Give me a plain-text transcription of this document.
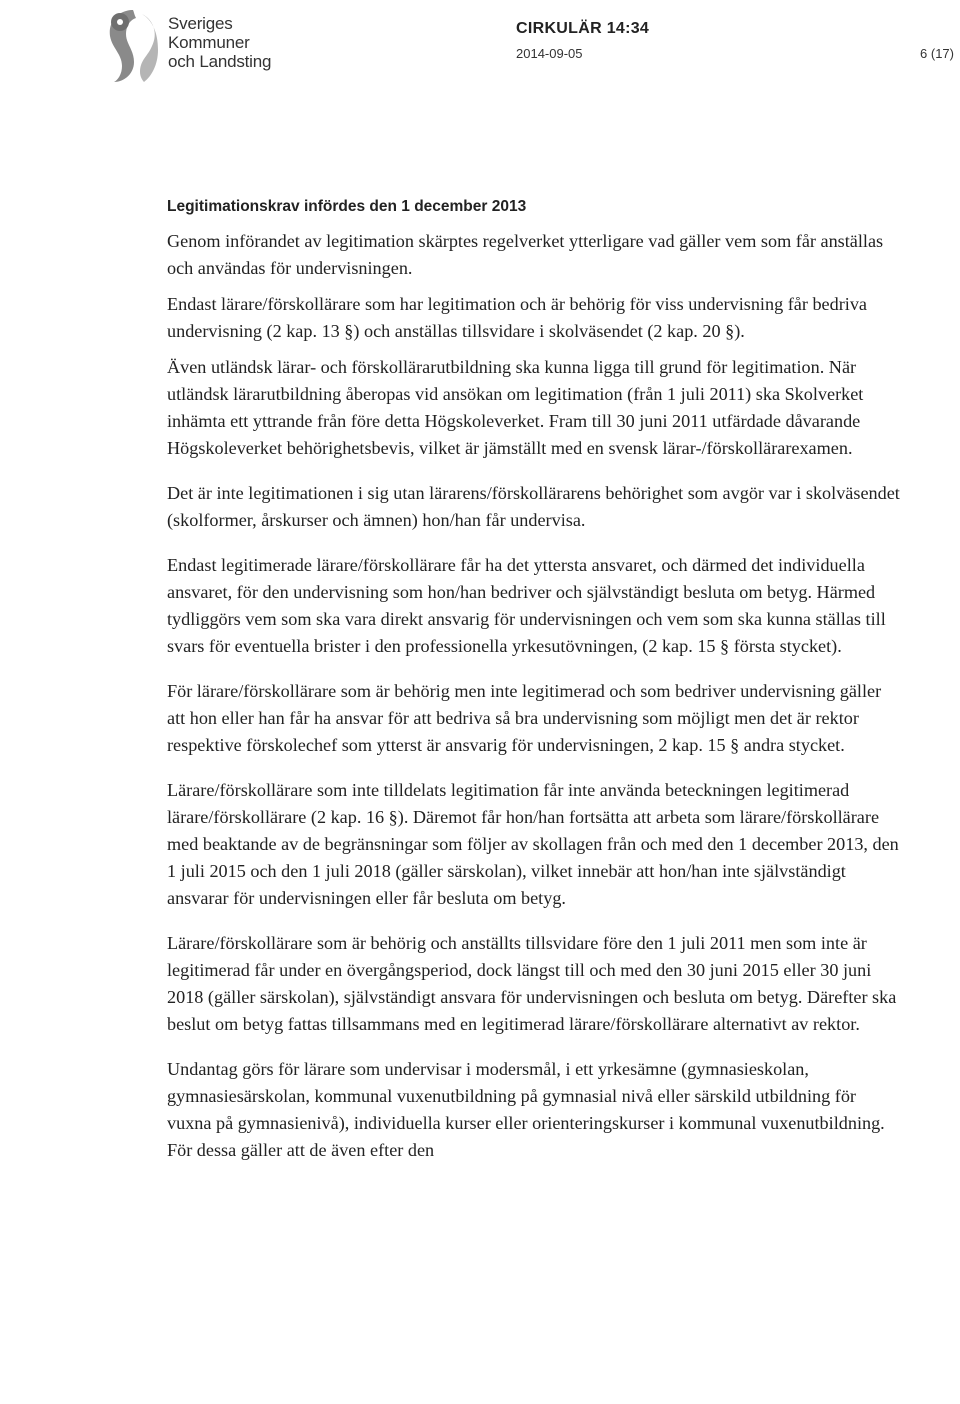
Sveriges
Kommuner
och Landsting
CIRKULÄR 14:34
2014-09-05	6 (17)
Legitimationskrav infördes den 1 december 2013

Genom införandet av legitimation skärptes regelverket ytterligare vad gäller vem som får anställas och användas för undervisningen.

Endast lärare/förskollärare som har legitimation och är behörig för viss undervisning får bedriva undervisning (2 kap. 13 §) och anställas tillsvidare i skolväsendet (2 kap. 20 §).

Även utländsk lärar- och förskollärarutbildning ska kunna ligga till grund för legitimation. När utländsk lärarutbildning åberopas vid ansökan om legitimation (från 1 juli 2011) ska Skolverket inhämta ett yttrande från före detta Högskoleverket. Fram till 30 juni 2011 utfärdade dåvarande Högskoleverket behörighetsbevis, vilket är jämställt med en svensk lärar-/förskollärarexamen.

Det är inte legitimationen i sig utan lärarens/förskollärarens behörighet som avgör var i skolväsendet (skolformer, årskurser och ämnen) hon/han får undervisa.

Endast legitimerade lärare/förskollärare får ha det yttersta ansvaret, och därmed det individuella ansvaret, för den undervisning som hon/han bedriver och självständigt besluta om betyg. Härmed tydliggörs vem som ska vara direkt ansvarig för undervisningen och vem som ska kunna ställas till svars för eventuella brister i den professionella yrkesutövningen, (2 kap. 15 § första stycket).

För lärare/förskollärare som är behörig men inte legitimerad och som bedriver undervisning gäller att hon eller han får ha ansvar för att bedriva så bra undervisning som möjligt men det är rektor respektive förskolechef som ytterst är ansvarig för undervisningen, 2 kap. 15 § andra stycket.

Lärare/förskollärare som inte tilldelats legitimation får inte använda beteckningen legitimerad lärare/förskollärare (2 kap. 16 §). Däremot får hon/han fortsätta att arbeta som lärare/förskollärare med beaktande av de begränsningar som följer av skollagen från och med den 1 december 2013, den 1 juli 2015 och den 1 juli 2018 (gäller särskolan), vilket innebär att hon/han inte självständigt ansvarar för undervisningen eller får besluta om betyg.

Lärare/förskollärare som är behörig och anställts tillsvidare före den 1 juli 2011 men som inte är legitimerad får under en övergångsperiod, dock längst till och med den 30 juni 2015 eller 30 juni 2018 (gäller särskolan), självständigt ansvara för undervisningen och besluta om betyg. Därefter ska beslut om betyg fattas tillsammans med en legitimerad lärare/förskollärare alternativt av rektor.

Undantag görs för lärare som undervisar i modersmål, i ett yrkesämne (gymnasieskolan, gymnasiesärskolan, kommunal vuxenutbildning på gymnasial nivå eller särskild utbildning för vuxna på gymnasienivå), individuella kurser eller orienteringskurser i kommunal vuxenutbildning. För dessa gäller att de även efter den
